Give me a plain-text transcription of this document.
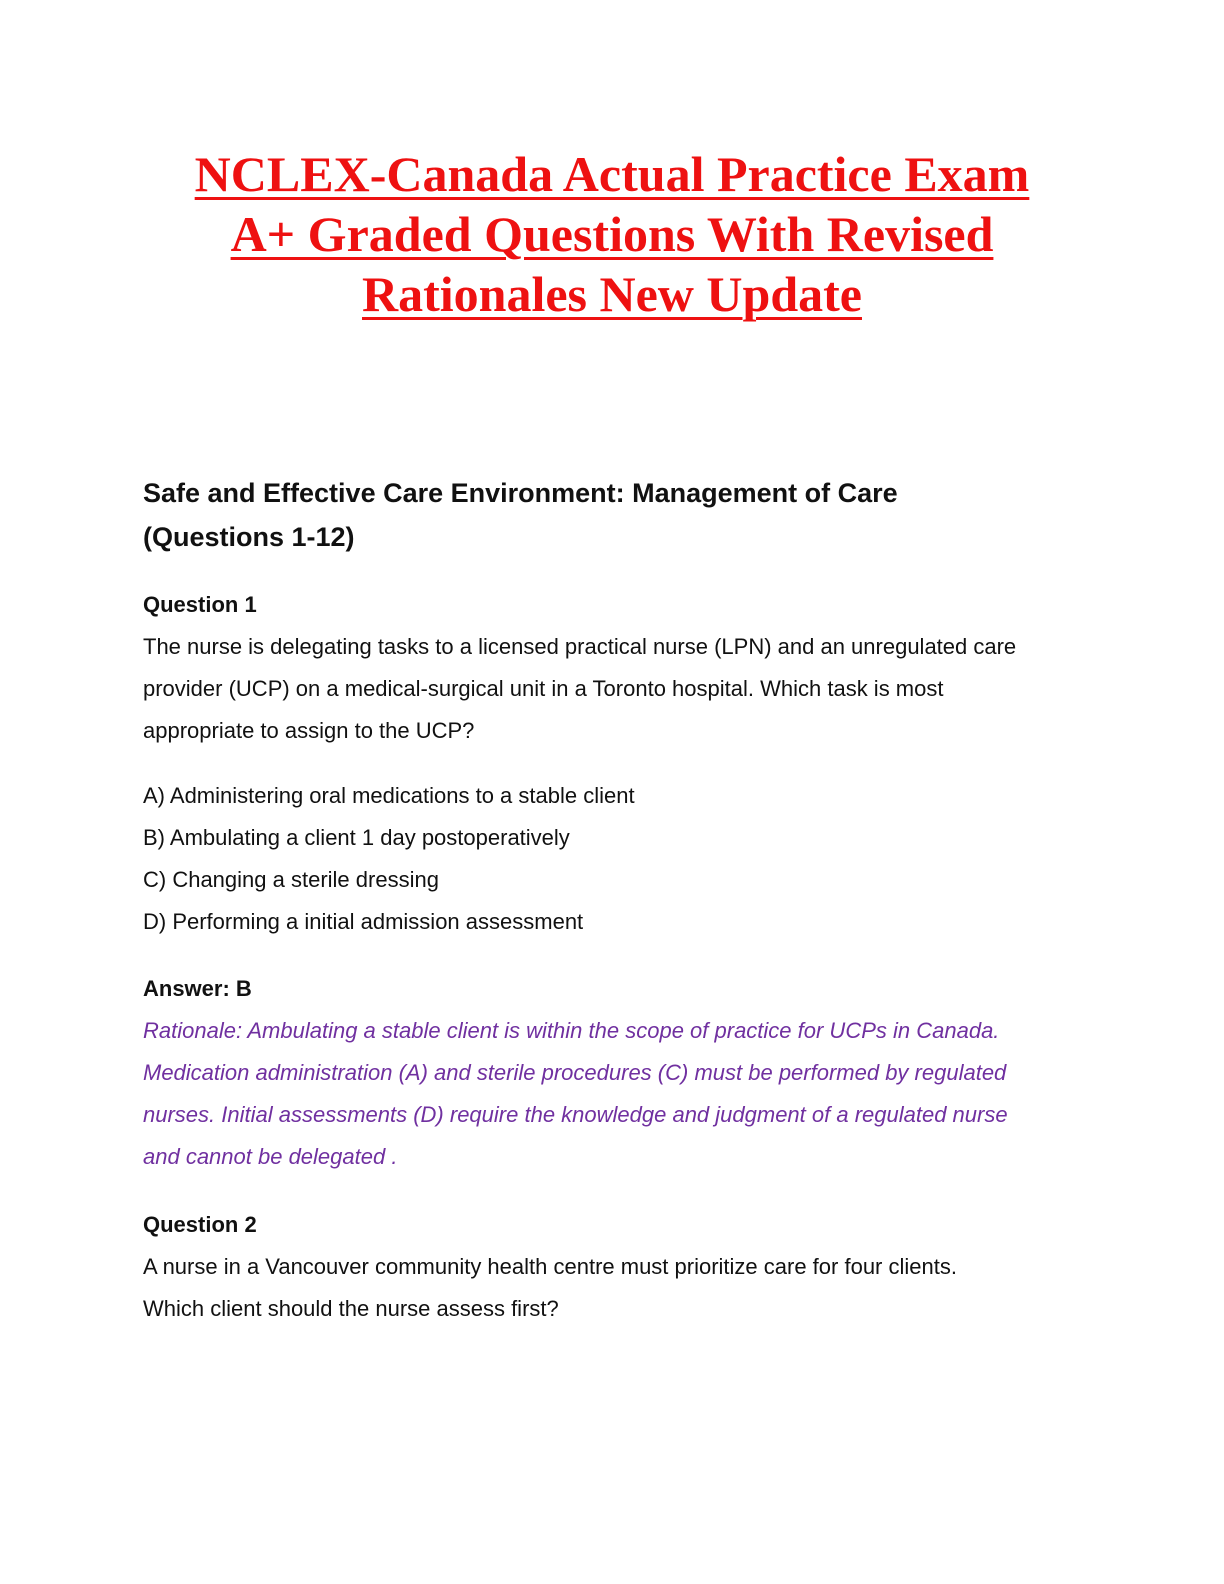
NCLEX-Canada Actual Practice Exam
A+ Graded Questions With Revised
Rationales New Update
Safe and Effective Care Environment: Management of Care
(Questions 1-12)

Question 1

The nurse is delegating tasks to a licensed practical nurse (LPN) and an unregulated care
provider (UCP) on a medical-surgical unit in a Toronto hospital. Which task is most
appropriate to assign to the UCP?

A) Administering oral medications to a stable client
B) Ambulating a client 1 day postoperatively
C) Changing a sterile dressing
D) Performing a initial admission assessment

Answer: B

Rationale: Ambulating a stable client is within the scope of practice for UCPs in Canada.
Medication administration (A) and sterile procedures (C) must be performed by regulated
nurses. Initial assessments (D) require the knowledge and judgment of a regulated nurse
and cannot be delegated .

Question 2

A nurse in a Vancouver community health centre must prioritize care for four clients.
Which client should the nurse assess first?
